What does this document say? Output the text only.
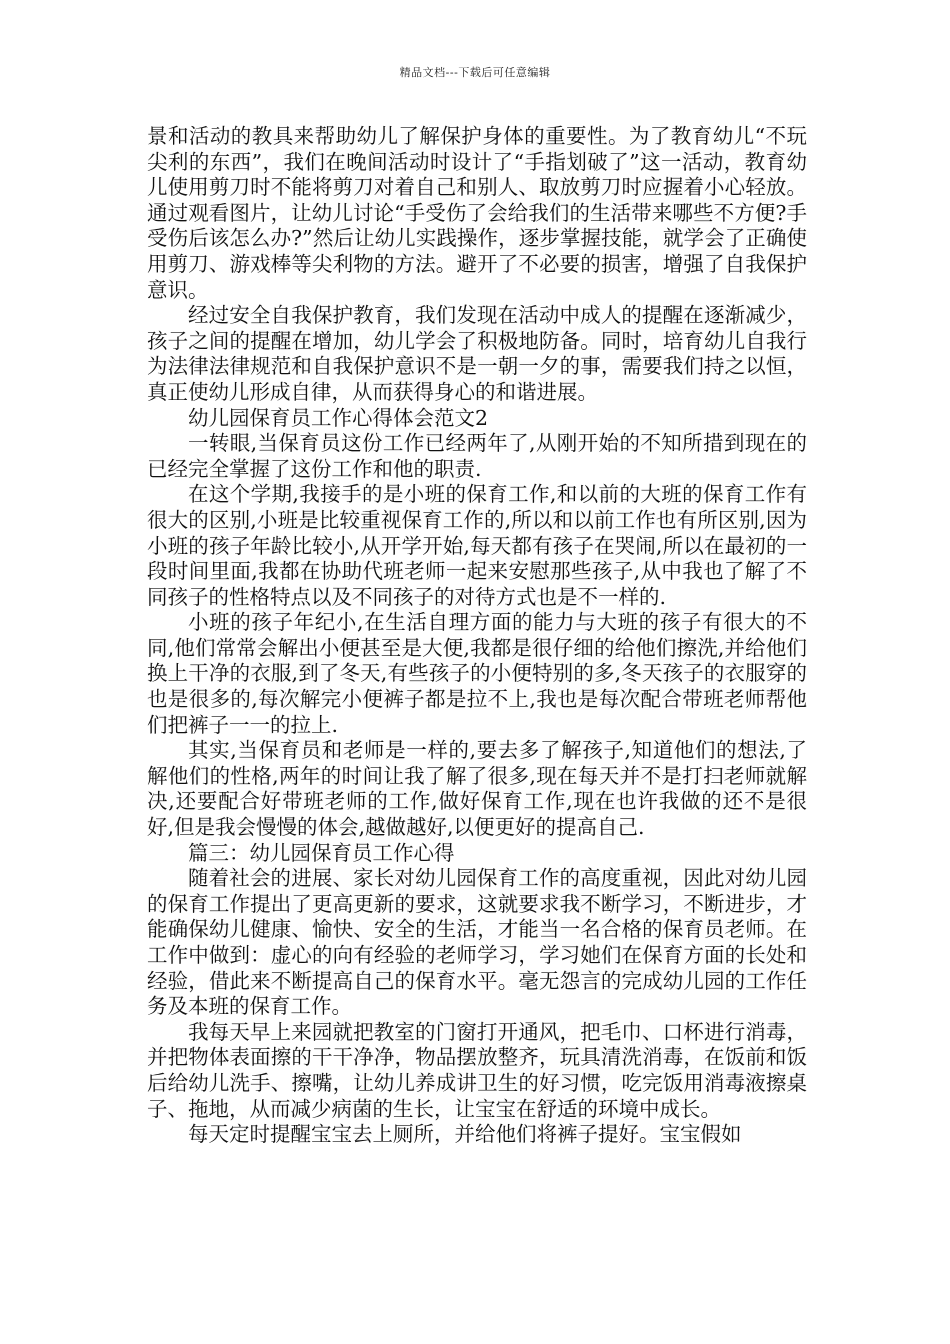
精品文档---下载后可任意编辑

景和活动的教具来帮助幼儿了解保护身体的重要性。为了教育幼儿“不玩尖利的东西”，我们在晚间活动时设计了“手指划破了”这一活动，教育幼儿使用剪刀时不能将剪刀对着自己和别人、取放剪刀时应握着小心轻放。通过观看图片，让幼儿讨论“手受伤了会给我们的生活带来哪些不方便?手受伤后该怎么办?”然后让幼儿实践操作，逐步掌握技能，就学会了正确使用剪刀、游戏棒等尖利物的方法。避开了不必要的损害，增强了自我保护意识。

经过安全自我保护教育，我们发现在活动中成人的提醒在逐渐减少，孩子之间的提醒在增加，幼儿学会了积极地防备。同时，培育幼儿自我行为法律法律规范和自我保护意识不是一朝一夕的事，需要我们持之以恒，真正使幼儿形成自律，从而获得身心的和谐进展。

幼儿园保育员工作心得体会范文2

一转眼,当保育员这份工作已经两年了,从刚开始的不知所措到现在的已经完全掌握了这份工作和他的职责.

在这个学期,我接手的是小班的保育工作,和以前的大班的保育工作有很大的区别,小班是比较重视保育工作的,所以和以前工作也有所区别,因为小班的孩子年龄比较小,从开学开始,每天都有孩子在哭闹,所以在最初的一段时间里面,我都在协助代班老师一起来安慰那些孩子,从中我也了解了不同孩子的性格特点以及不同孩子的对待方式也是不一样的.

小班的孩子年纪小,在生活自理方面的能力与大班的孩子有很大的不同,他们常常会解出小便甚至是大便,我都是很仔细的给他们擦洗,并给他们换上干净的衣服,到了冬天,有些孩子的小便特别的多,冬天孩子的衣服穿的也是很多的,每次解完小便裤子都是拉不上,我也是每次配合带班老师帮他们把裤子一一的拉上.

其实,当保育员和老师是一样的,要去多了解孩子,知道他们的想法,了解他们的性格,两年的时间让我了解了很多,现在每天并不是打扫老师就解决,还要配合好带班老师的工作,做好保育工作,现在也许我做的还不是很好,但是我会慢慢的体会,越做越好,以便更好的提高自己.

篇三：幼儿园保育员工作心得

随着社会的进展、家长对幼儿园保育工作的高度重视，因此对幼儿园的保育工作提出了更高更新的要求，这就要求我不断学习，不断进步，才能确保幼儿健康、愉快、安全的生活，才能当一名合格的保育员老师。在工作中做到：虚心的向有经验的老师学习，学习她们在保育方面的长处和经验，借此来不断提高自己的保育水平。毫无怨言的完成幼儿园的工作任务及本班的保育工作。

我每天早上来园就把教室的门窗打开通风，把毛巾、口杯进行消毒，并把物体表面擦的干干净净，物品摆放整齐，玩具清洗消毒，在饭前和饭后给幼儿洗手、擦嘴，让幼儿养成讲卫生的好习惯，吃完饭用消毒液擦桌子、拖地，从而减少病菌的生长，让宝宝在舒适的环境中成长。

每天定时提醒宝宝去上厕所，并给他们将裤子提好。宝宝假如
